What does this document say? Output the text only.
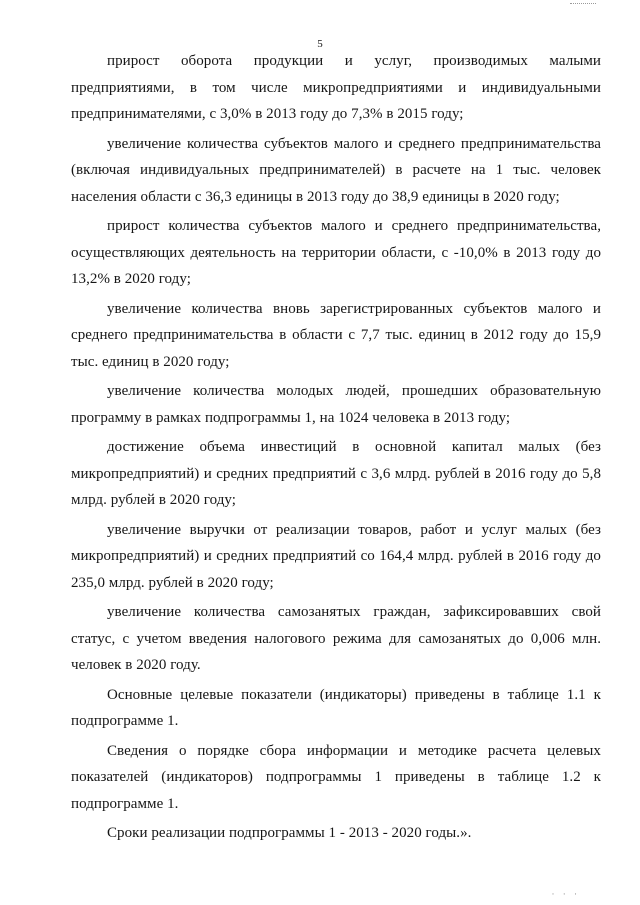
5

прирост оборота продукции и услуг, производимых малыми предприятиями, в том числе микропредприятиями и индивидуальными предпринимателями, с 3,0% в 2013 году до 7,3% в 2015 году;

увеличение количества субъектов малого и среднего предпринимательства (включая индивидуальных предпринимателей) в расчете на 1 тыс. человек населения области с 36,3 единицы в 2013 году до 38,9 единицы в 2020 году;

прирост количества субъектов малого и среднего предпринимательства, осуществляющих деятельность на территории области, с -10,0% в 2013 году до 13,2% в 2020 году;

увеличение количества вновь зарегистрированных субъектов малого и среднего предпринимательства в области с 7,7 тыс. единиц в 2012 году до 15,9 тыс. единиц в 2020 году;

увеличение количества молодых людей, прошедших образовательную программу в рамках подпрограммы 1, на 1024 человека в 2013 году;

достижение объема инвестиций в основной капитал малых (без микропредприятий) и средних предприятий с 3,6 млрд. рублей в 2016 году до 5,8 млрд. рублей в 2020 году;

увеличение выручки от реализации товаров, работ и услуг малых (без микропредприятий) и средних предприятий со 164,4 млрд. рублей в 2016 году до 235,0 млрд. рублей в 2020 году;

увеличение количества самозанятых граждан, зафиксировавших свой статус, с учетом введения налогового режима для самозанятых до 0,006 млн. человек в 2020 году.

Основные целевые показатели (индикаторы) приведены в таблице 1.1 к подпрограмме 1.

Сведения о порядке сбора информации и методике расчета целевых показателей (индикаторов) подпрограммы 1 приведены в таблице 1.2 к подпрограмме 1.

Сроки реализации подпрограммы 1 - 2013 - 2020 годы.».

· · ·
